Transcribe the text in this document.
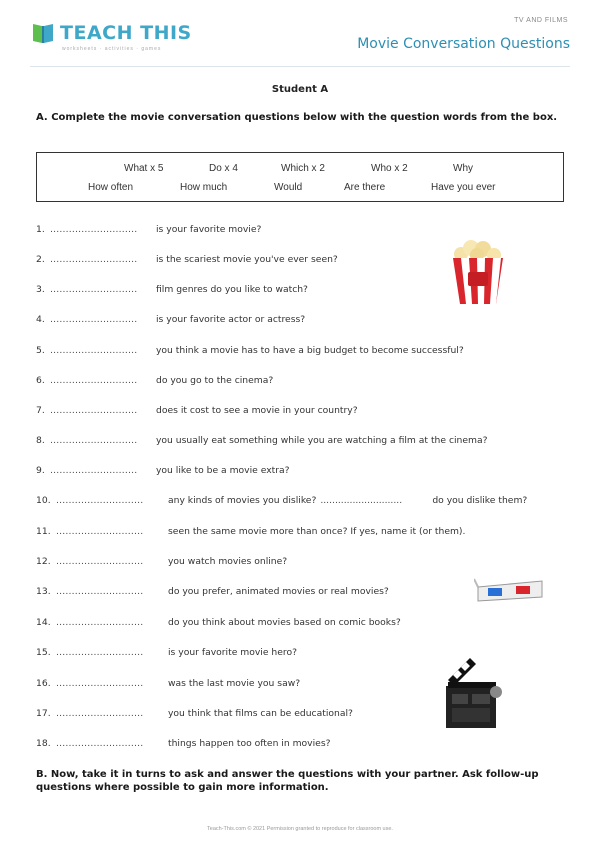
TEACH THIS
worksheets · activities · games
TV AND FILMS
Movie Conversation Questions
Student A
A. Complete the movie conversation questions below with the question words from the box.
What x 5	Do x 4	Which x 2	Who x 2	Why
How often	How much	Would	Are there	Have you ever
1. ............................ is your favorite movie?
2. ............................ is the scariest movie you've ever seen?
3. ............................ film genres do you like to watch?
4. ............................ is your favorite actor or actress?
5. ............................ you think a movie has to have a big budget to become successful?
6. ............................ do you go to the cinema?
7. ............................ does it cost to see a movie in your country?
8. ............................ you usually eat something while you are watching a film at the cinema?
9. ............................ you like to be a movie extra?
10. ............................	any kinds of movies you dislike? ............................	do you dislike them?
11. ............................	seen the same movie more than once? If yes, name it (or them).
12. ............................	you watch movies online?
13. ............................	do you prefer, animated movies or real movies?
14. ............................	do you think about movies based on comic books?
15. ............................	is your favorite movie hero?
16. ............................	was the last movie you saw?
17. ............................	you think that films can be educational?
18. ............................	things happen too often in movies?
B. Now, take it in turns to ask and answer the questions with your partner. Ask follow-up questions where possible to gain more information.
Teach-This.com © 2021 Permission granted to reproduce for classroom use.
